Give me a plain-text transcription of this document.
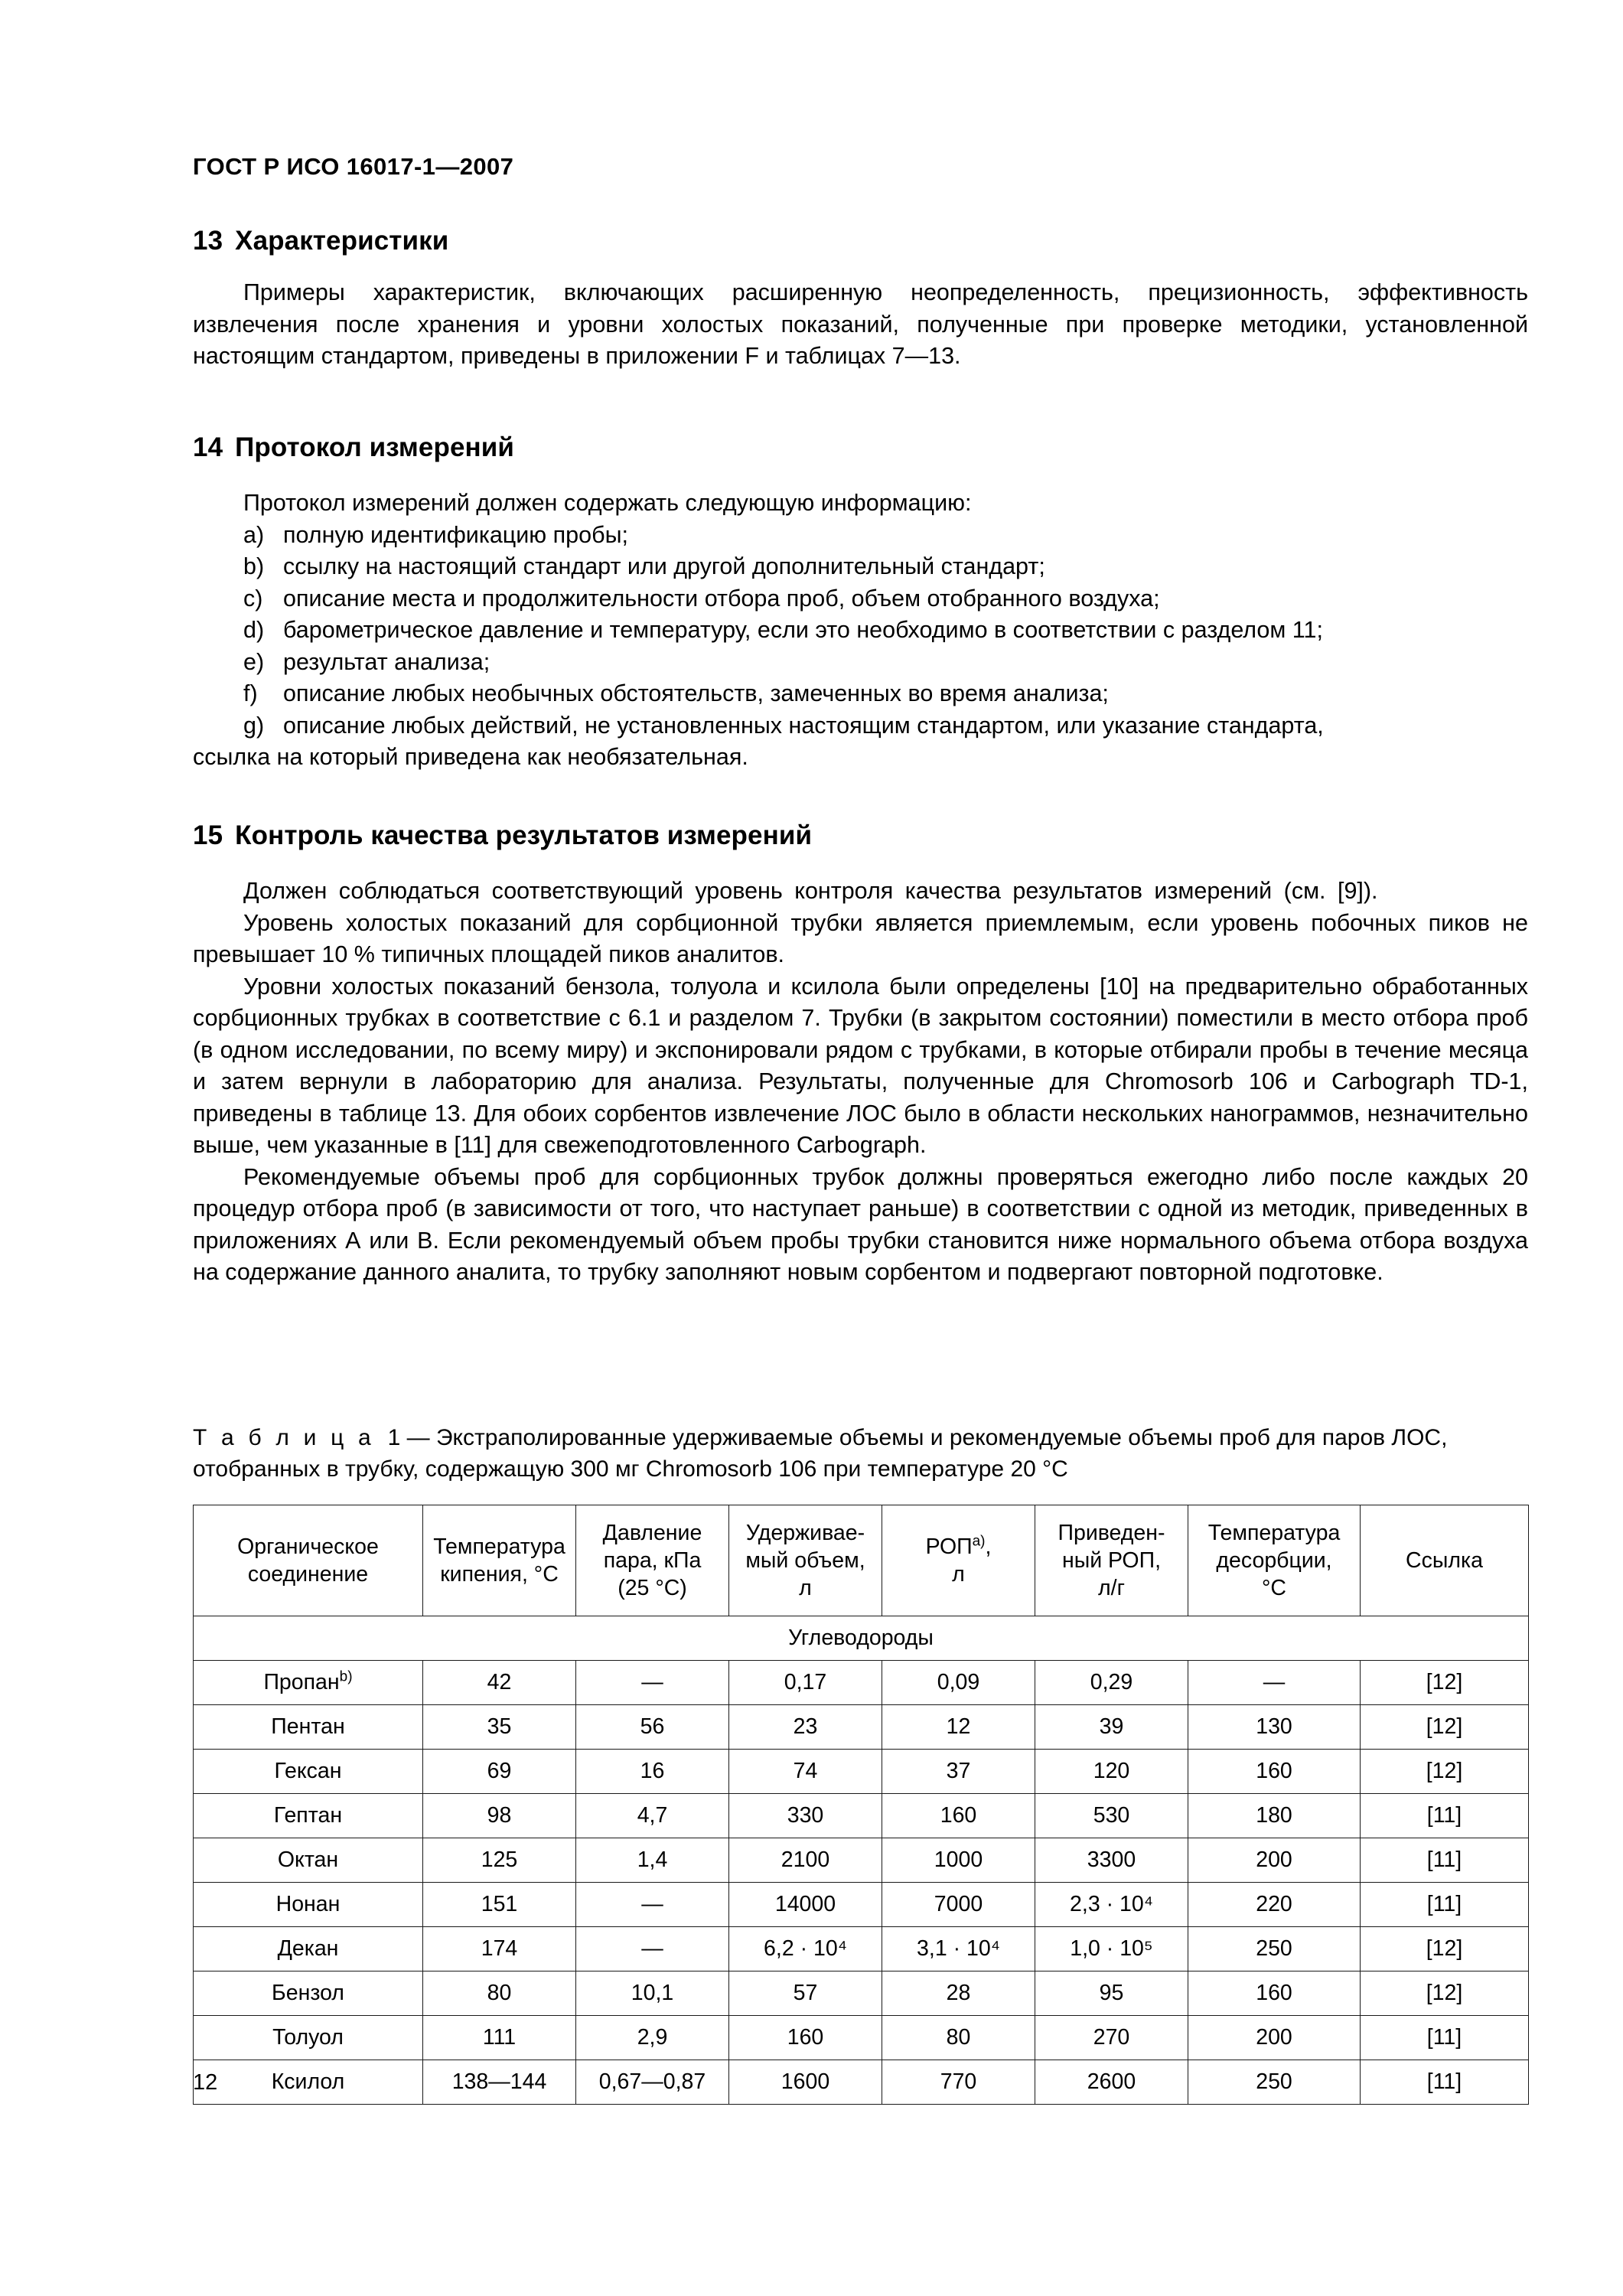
ГОСТ Р ИСО 16017-1—2007
13 Характеристики

Примеры характеристик, включающих расширенную неопределенность, прецизионность, эффективность извлечения после хранения и уровни холостых показаний, полученные при проверке методики, установленной настоящим стандартом, приведены в приложении F и таблицах 7—13.

14 Протокол измерений

Протокол измерений должен содержать следующую информацию:

a) полную идентификацию пробы;
b) ссылку на настоящий стандарт или другой дополнительный стандарт;
c) описание места и продолжительности отбора проб, объем отобранного воздуха;
d) барометрическое давление и температуру, если это необходимо в соответствии с разделом 11;
e) результат анализа;
f) описание любых необычных обстоятельств, замеченных во время анализа;
g) описание любых действий, не установленных настоящим стандартом, или указание стандарта,
ссылка на который приведена как необязательная.
15 Контроль качества результатов измерений

Должен соблюдаться соответствующий уровень контроля качества результатов измерений (см. [9]).

Уровень холостых показаний для сорбционной трубки является приемлемым, если уровень побочных пиков не превышает 10 % типичных площадей пиков аналитов.

Уровни холостых показаний бензола, толуола и ксилола были определены [10] на предварительно обработанных сорбционных трубках в соответствие с 6.1 и разделом 7. Трубки (в закрытом состоянии) поместили в место отбора проб (в одном исследовании, по всему миру) и экспонировали рядом с трубками, в которые отбирали пробы в течение месяца и затем вернули в лабораторию для анализа. Результаты, полученные для Chromosorb 106 и Carbograph TD-1, приведены в таблице 13. Для обоих сорбентов извлечение ЛОС было в области нескольких нанограммов, незначительно выше, чем указанные в [11] для свежеподготовленного Carbograph.

Рекомендуемые объемы проб для сорбционных трубок должны проверяться ежегодно либо после каждых 20 процедур отбора проб (в зависимости от того, что наступает раньше) в соответствии с одной из методик, приведенных в приложениях А или В. Если рекомендуемый объем пробы трубки становится ниже нормального объема отбора воздуха на содержание данного аналита, то трубку заполняют новым сорбентом и подвергают повторной подготовке.

Т а б л и ц а 1 — Экстраполированные удерживаемые объемы и рекомендуемые объемы проб для паров ЛОС, отобранных в трубку, содержащую 300 мг Chromosorb 106 при температуре 20 °C
Органическое
соединение

Температура
кипения, °С

Давление
пара, кПа
(25 °С)

Удерживае-
мый объем,
л

$РОП^{а)}$,
л

Приведен-
ный РОП,
л/г

Температура
десорбции,
°С

Ссылка

Углеводороды							
Пропан$^{b)}$	42	—	0,17	0,09	0,29	—	[12]
Пентан	35	56	23	12	39	130	[12]
Гексан	69	16	74	37	120	160	[12]
Гептан	98	4,7	330	160	530	180	[11]
Октан	125	1,4	2100	1000	3300	200	[11]
Нонан	151	—	14000	7000	2,3 · 10⁴	220	[11]
Декан	174	—	6,2 · 10⁴	3,1 · 10⁴	1,0 · 10⁵	250	[12]
Бензол	80	10,1	57	28	95	160	[12]
Толуол	111	2,9	160	80	270	200	[11]
Ксилол	138—144	0,67—0,87	1600	770	2600	250	[11]
12
